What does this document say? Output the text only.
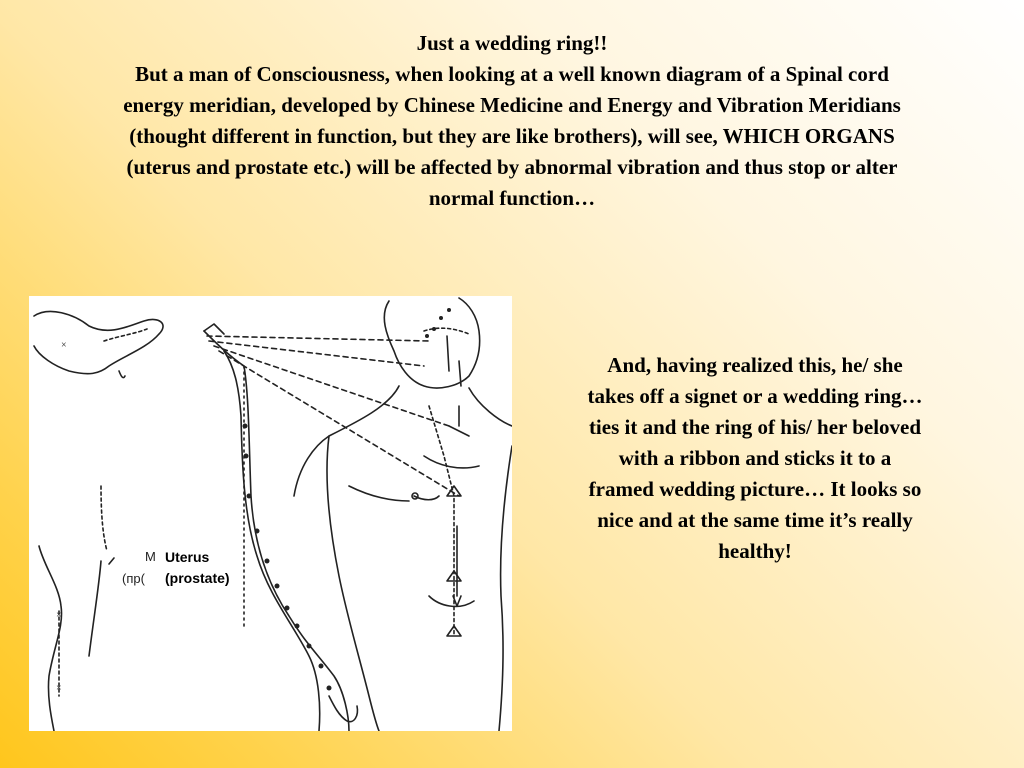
Just a wedding ring!!
But a man of Consciousness, when looking at a well known diagram of a Spinal cord
energy meridian, developed by Chinese Medicine and Energy and Vibration Meridians
(thought different in function, but they are like brothers), will see, WHICH ORGANS
(uterus and prostate etc.) will be affected by abnormal vibration and thus stop or alter
normal function…
×
×
×
М
(пр(
Uterus
(prostate)
And, having realized this, he/ she
takes off a signet or a wedding ring…
ties it and the ring of his/ her beloved
with a ribbon and sticks it to a
framed wedding picture… It looks so
nice and at the same time it’s really
healthy!
